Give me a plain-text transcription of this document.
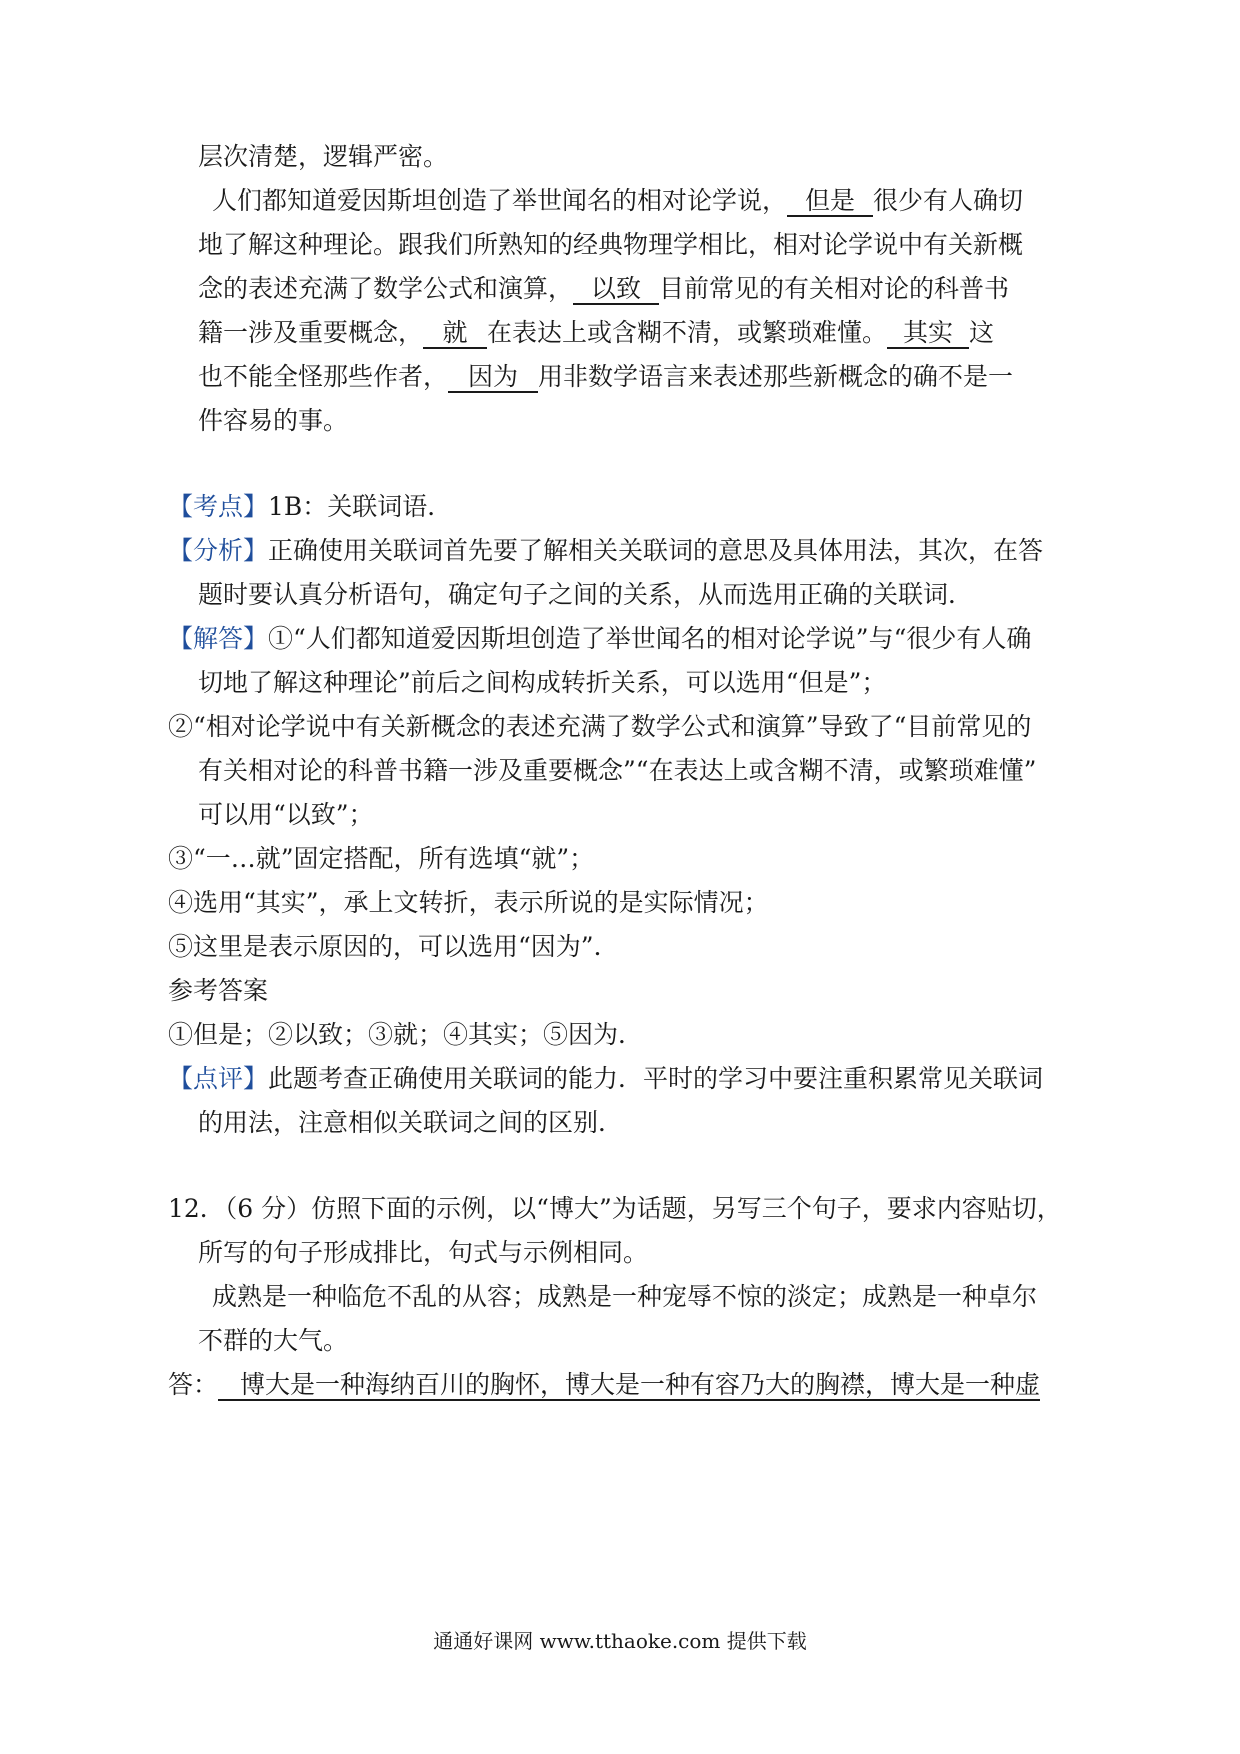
层次清楚，逻辑严密。
人们都知道爱因斯坦创造了举世闻名的相对论学说， 但是 很少有人确切
地了解这种理论。跟我们所熟知的经典物理学相比，相对论学说中有关新概
念的表述充满了数学公式和演算， 以致 目前常见的有关相对论的科普书
籍一涉及重要概念， 就 在表达上或含糊不清，或繁琐难懂。 其实 这
也不能全怪那些作者， 因为 用非数学语言来表述那些新概念的确不是一
件容易的事。
【考点】1B：关联词语．
【分析】正确使用关联词首先要了解相关关联词的意思及具体用法，其次，在答
题时要认真分析语句，确定句子之间的关系，从而选用正确的关联词．
【解答】①“人们都知道爱因斯坦创造了举世闻名的相对论学说”与“很少有人确
切地了解这种理论”前后之间构成转折关系，可以选用“但是”；
②“相对论学说中有关新概念的表述充满了数学公式和演算”导致了“目前常见的
有关相对论的科普书籍一涉及重要概念”“在表达上或含糊不清，或繁琐难懂”
可以用“以致”；
③“一…就”固定搭配，所有选填“就”；
④选用“其实”，承上文转折，表示所说的是实际情况；
⑤这里是表示原因的，可以选用“因为”．
参考答案
①但是；②以致；③就；④其实；⑤因为．
【点评】此题考查正确使用关联词的能力．平时的学习中要注重积累常见关联词
的用法，注意相似关联词之间的区别．
12．（6 分）仿照下面的示例，以“博大”为话题，另写三个句子，要求内容贴切，
所写的句子形成排比，句式与示例相同。
成熟是一种临危不乱的从容；成熟是一种宠辱不惊的淡定；成熟是一种卓尔
不群的大气。
答： 博大是一种海纳百川的胸怀，博大是一种有容乃大的胸襟，博大是一种虚
通通好课网 www.tthaoke.com 提供下载
